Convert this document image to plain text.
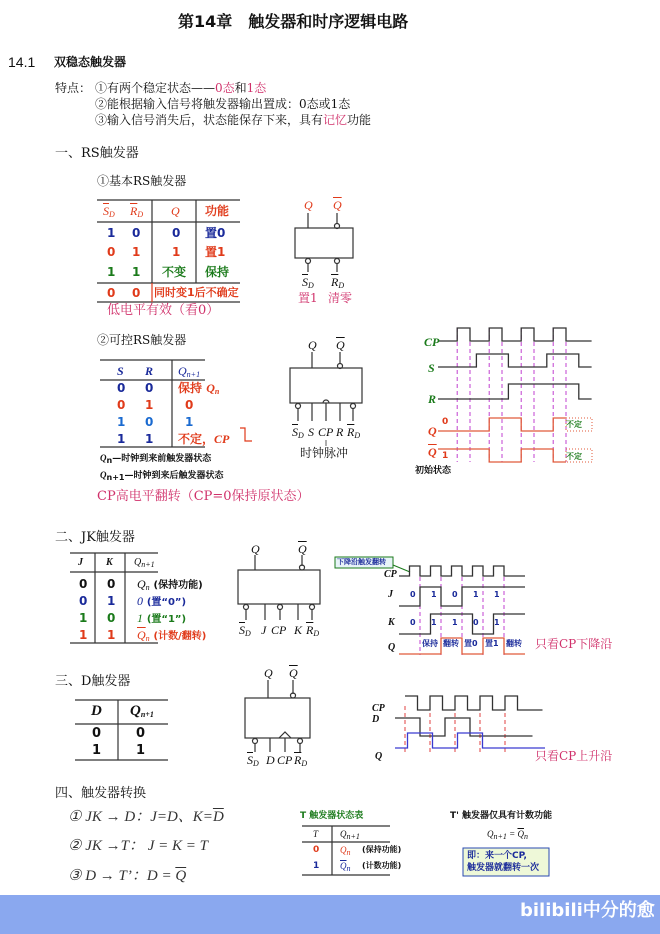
第14章　触发器和时序逻辑电路
14.1 双稳态触发器
特点： ①有两个稳定状态——0态和1态
②能根据输入信号将触发器输出置成：0态或1态
③输入信号消失后，状态能保存下来，具有记忆功能
一、RS触发器
①基本RS触发器
$\overline{S}D$ $\overline{R}D$ Q 功能
1 0	0 置0
0 1	1 置1
1 1 不变 保持
0 0 同时变1后不确定
低电平有效（看0）
Q $\overline{Q}$
$\overline{S}D$ $\overline{R}D$
置1 清零
②可控RS触发器
S R Qn+1
0 0 保持 Qn
0 1	0
1 0	1
1 1 不定，CP
Qn—时钟到来前触发器状态
Qn+1—时钟到来后触发器状态
CP高电平翻转（CP=0保持原状态）
Q $\overline{Q}$
$\overline{S}D$ S CP R $\overline{R}D$
时钟脉冲
CP
S
R
Q
$\overline{Q}$
0
1
不定
不定
初始状态
二、JK触发器
J K $Q_{n+1}$
0 0 Qn (保持功能)
0 1 0 (置“0”)
1 0 1 (置“1”)
1 1 $\overline{Q}n$ (计数/翻转)
Q	$\overline{Q}$
$\overline{S}D$ J CP K $\overline{R}D$
下降沿触发翻转
CP
J
K
Q
0 1 0 1 1
0 1 1 0 1
保持 翻转 置0 置1 翻转 只看CP下降沿
三、D触发器
D Qn+1
0	0
1	1
Q $\overline{Q}$
$\overline{S}D$ D CP $\overline{R}D$
CP
D
Q	只看CP上升沿
四、触发器转换
① JK → D：J=D、$K=\overline{D}$
② JK →T： J = K = T
③ D → T’：$D = \overline{Q}$
T 触发器状态表
T Qn+1
0 Qn (保持功能)
1 $\overline{Q}n$ (计数功能)
T' 触发器仅具有计数功能
$Qn+1 = \overline{Q}n$
即：来一个CP,
触发器就翻转一次
bilibili中分的愈
